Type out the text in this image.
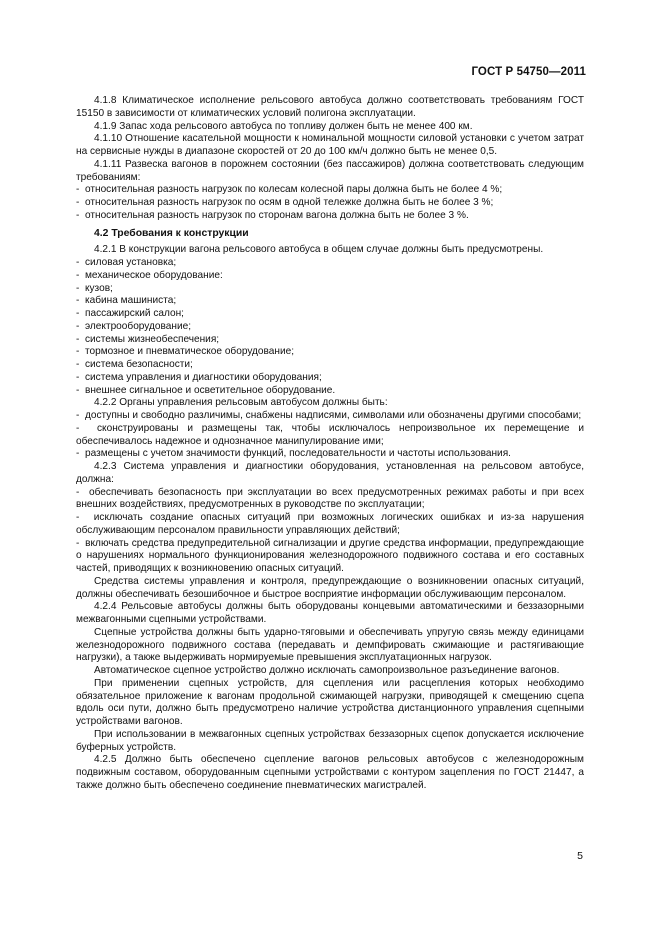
ГОСТ Р 54750—2011

4.1.8 Климатическое исполнение рельсового автобуса должно соответствовать требованиям ГОСТ 15150 в зависимости от климатических условий полигона эксплуатации.

4.1.9 Запас хода рельсового автобуса по топливу должен быть не менее 400 км.

4.1.10 Отношение касательной мощности к номинальной мощности силовой установки с учетом затрат на сервисные нужды в диапазоне скоростей от 20 до 100 км/ч должно быть не менее 0,5.

4.1.11 Развеска вагонов в порожнем состоянии (без пассажиров) должна соответствовать следующим требованиям:

-  относительная разность нагрузок по колесам колесной пары должна быть не более 4 %;

-  относительная разность нагрузок по осям в одной тележке должна быть не более 3 %;

-  относительная разность нагрузок по сторонам вагона должна быть не более 3 %.

4.2 Требования к конструкции

4.2.1 В конструкции вагона рельсового автобуса в общем случае должны быть предусмотрены.

-  силовая установка;

-  механическое оборудование:

-  кузов;

-  кабина машиниста;

-  пассажирский салон;

-  электрооборудование;

-  системы жизнеобеспечения;

-  тормозное и пневматическое оборудование;

-  система безопасности;

-  система управления и диагностики оборудования;

-  внешнее сигнальное и осветительное оборудование.

4.2.2 Органы управления рельсовым автобусом должны быть:

-  доступны и свободно различимы, снабжены надписями, символами или обозначены другими способами;

-  сконструированы и размещены так, чтобы исключалось непроизвольное их перемещение и обеспечивалось надежное и однозначное манипулирование ими;

-  размещены с учетом значимости функций, последовательности и частоты использования.

4.2.3 Система управления и диагностики оборудования, установленная на рельсовом автобусе, должна:

-  обеспечивать безопасность при эксплуатации во всех предусмотренных режимах работы и при всех внешних воздействиях, предусмотренных в руководстве по эксплуатации;

-  исключать создание опасных ситуаций при возможных логических ошибках и из-за нарушения обслуживающим персоналом правильности управляющих действий;

-  включать средства предупредительной сигнализации и другие средства информации, предупреждающие о нарушениях нормального функционирования железнодорожного подвижного состава и его составных частей, приводящих к возникновению опасных ситуаций.

Средства системы управления и контроля, предупреждающие о возникновении опасных ситуаций, должны обеспечивать безошибочное и быстрое восприятие информации обслуживающим персоналом.

4.2.4 Рельсовые автобусы должны быть оборудованы концевыми автоматическими и беззазорными межвагонными сцепными устройствами.

Сцепные устройства должны быть ударно-тяговыми и обеспечивать упругую связь между единицами железнодорожного подвижного состава (передавать и демпфировать сжимающие и растягивающие нагрузки), а также выдерживать нормируемые превышения эксплуатационных нагрузок.

Автоматическое сцепное устройство должно исключать самопроизвольное разъединение вагонов.

При применении сцепных устройств, для сцепления или расцепления которых необходимо обязательное приложение к вагонам продольной сжимающей нагрузки, приводящей к смещению сцепа вдоль оси пути, должно быть предусмотрено наличие устройства дистанционного управления сцепными устройствами вагонов.

При использовании в межвагонных сцепных устройствах беззазорных сцепок допускается исключение буферных устройств.

4.2.5 Должно быть обеспечено сцепление вагонов рельсовых автобусов с железнодорожным подвижным составом, оборудованным сцепными устройствами с контуром зацепления по ГОСТ 21447, а также должно быть обеспечено соединение пневматических магистралей.

5
